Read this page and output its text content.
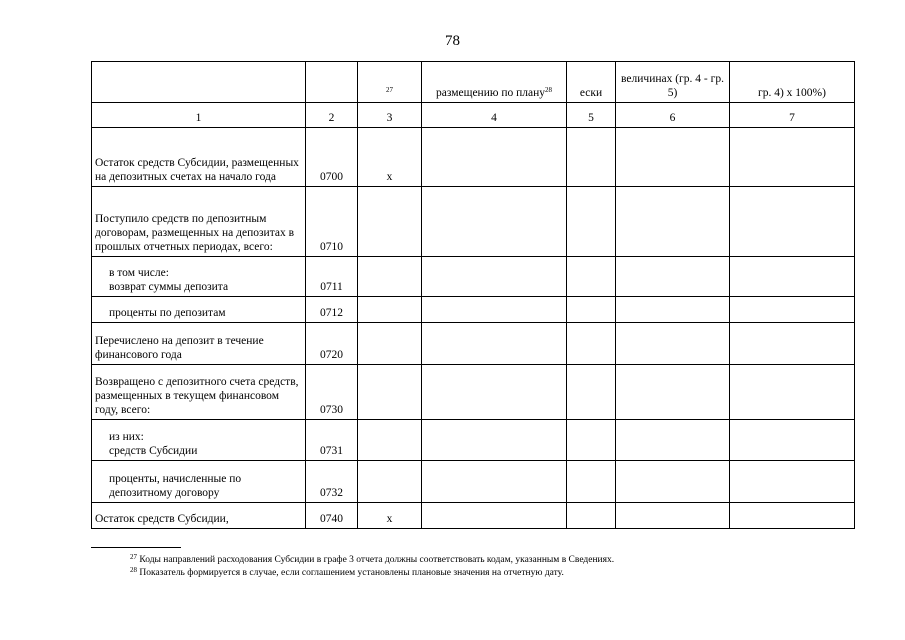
78
		$^{27}$	размещению по плану$^{28}$	ески	величинах (гр. 4 - гр. 5)	гр. 4) x 100%)
1	2	3	4	5	6	7
Остаток средств Субсидии, размещенных на депозитных счетах на начало года	0700	x				
Поступило средств по депозитным договорам, размещенных на депозитах в прошлых отчетных периодах, всего:	0710					

в том числе:
возврат суммы депозита	0711					

проценты по депозитам	0712					
Перечислено на депозит в течение финансового года	0720					
Возвращено с депозитного счета средств, размещенных в текущем финансовом году, всего:	0730					

из них:
средств Субсидии	0731					

проценты, начисленные по депозитному договору	0732					
Остаток средств Субсидии,	0740	x				
$^{27}$ Коды направлений расходования Субсидии в графе 3 отчета должны соответствовать кодам, указанным в Сведениях.
$^{28}$ Показатель формируется в случае, если соглашением установлены плановые значения на отчетную дату.
